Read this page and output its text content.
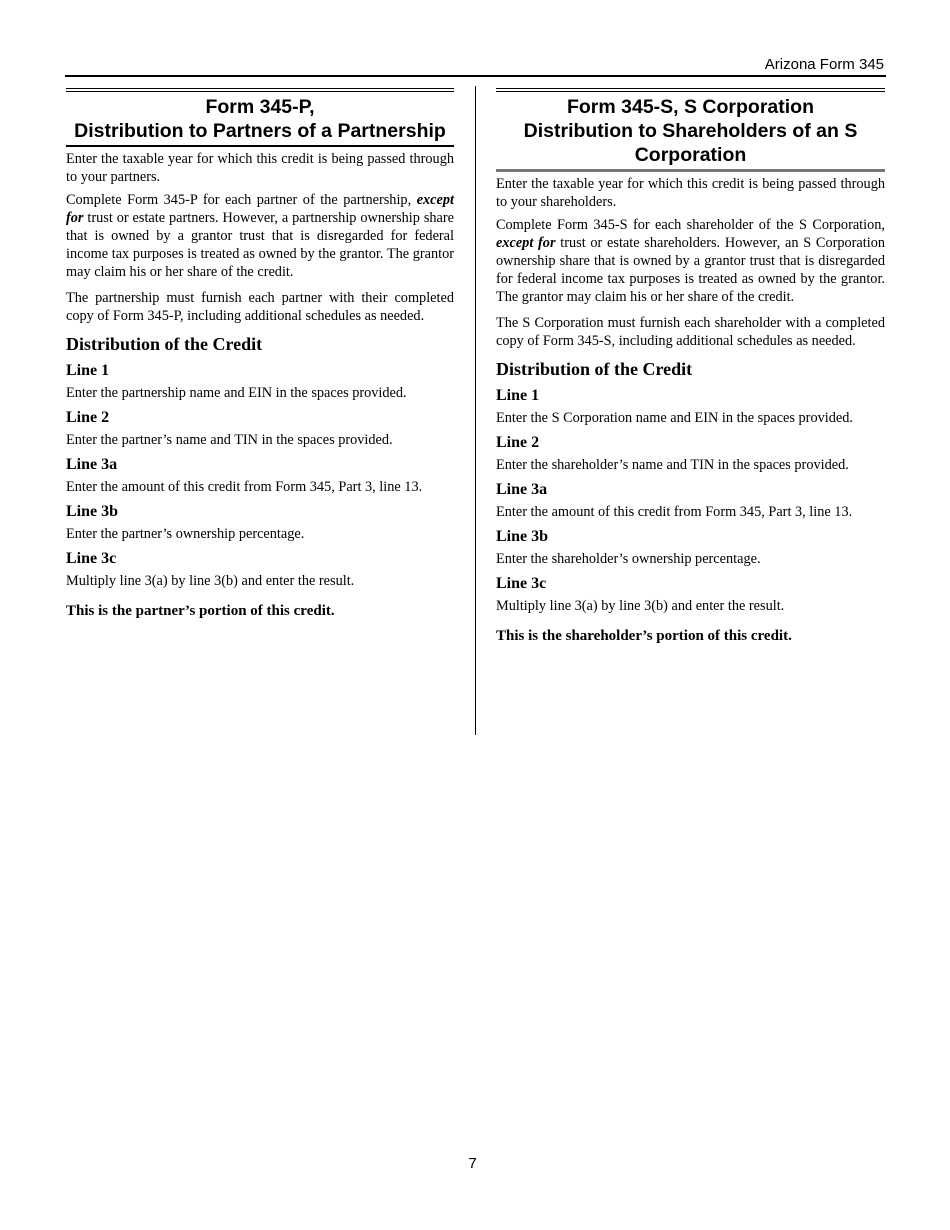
Arizona Form 345
Form 345-P,
Distribution to Partners of a Partnership

Enter the taxable year for which this credit is being passed through to your partners.

Complete Form 345-P for each partner of the partnership, except for trust or estate partners. However, a partnership ownership share that is owned by a grantor trust that is disregarded for federal income tax purposes is treated as owned by the grantor. The grantor may claim his or her share of the credit.

The partnership must furnish each partner with their completed copy of Form 345-P, including additional schedules as needed.

Distribution of the Credit
Line 1

Enter the partnership name and EIN in the spaces provided.

Line 2

Enter the partner’s name and TIN in the spaces provided.

Line 3a

Enter the amount of this credit from Form 345, Part 3, line 13.

Line 3b

Enter the partner’s ownership percentage.

Line 3c

Multiply line 3(a) by line 3(b) and enter the result.

This is the partner’s portion of this credit.

Form 345-S, S Corporation
Distribution to Shareholders of an S
Corporation

Enter the taxable year for which this credit is being passed through to your shareholders.

Complete Form 345-S for each shareholder of the S Corporation, except for trust or estate shareholders. However, an S Corporation ownership share that is owned by a grantor trust that is disregarded for federal income tax purposes is treated as owned by the grantor. The grantor may claim his or her share of the credit.

The S Corporation must furnish each shareholder with a completed copy of Form 345-S, including additional schedules as needed.

Distribution of the Credit
Line 1

Enter the S Corporation name and EIN in the spaces provided.

Line 2

Enter the shareholder’s name and TIN in the spaces provided.

Line 3a

Enter the amount of this credit from Form 345, Part 3, line 13.

Line 3b

Enter the shareholder’s ownership percentage.

Line 3c

Multiply line 3(a) by line 3(b) and enter the result.

This is the shareholder’s portion of this credit.

7
